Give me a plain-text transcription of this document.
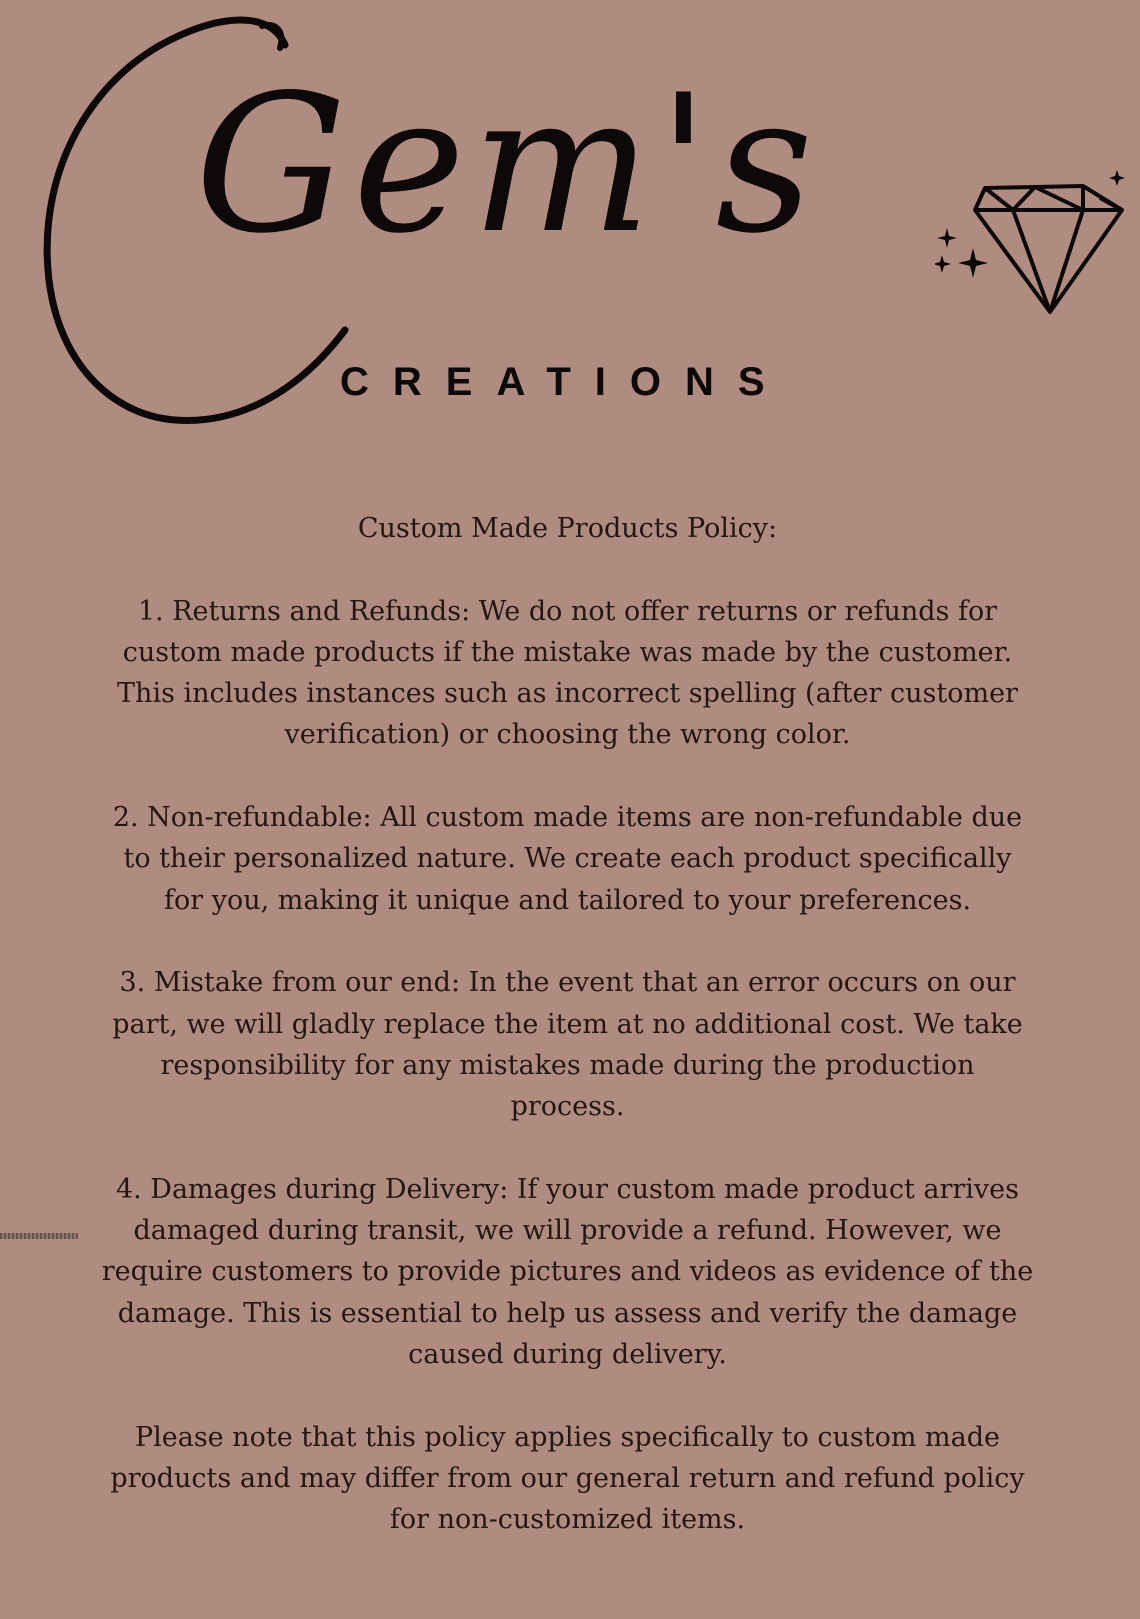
Gem's
CREATIONS
Custom Made Products Policy:

1. Returns and Refunds: We do not offer returns or refunds for custom made products if the mistake was made by the customer. This includes instances such as incorrect spelling (after customer verification) or choosing the wrong color.

2. Non-refundable: All custom made items are non-refundable due to their personalized nature. We create each product specifically for you, making it unique and tailored to your preferences.

3. Mistake from our end: In the event that an error occurs on our part, we will gladly replace the item at no additional cost. We take responsibility for any mistakes made during the production process.

4. Damages during Delivery: If your custom made product arrives damaged during transit, we will provide a refund. However, we require customers to provide pictures and videos as evidence of the damage. This is essential to help us assess and verify the damage caused during delivery.

Please note that this policy applies specifically to custom made products and may differ from our general return and refund policy for non-customized items.
